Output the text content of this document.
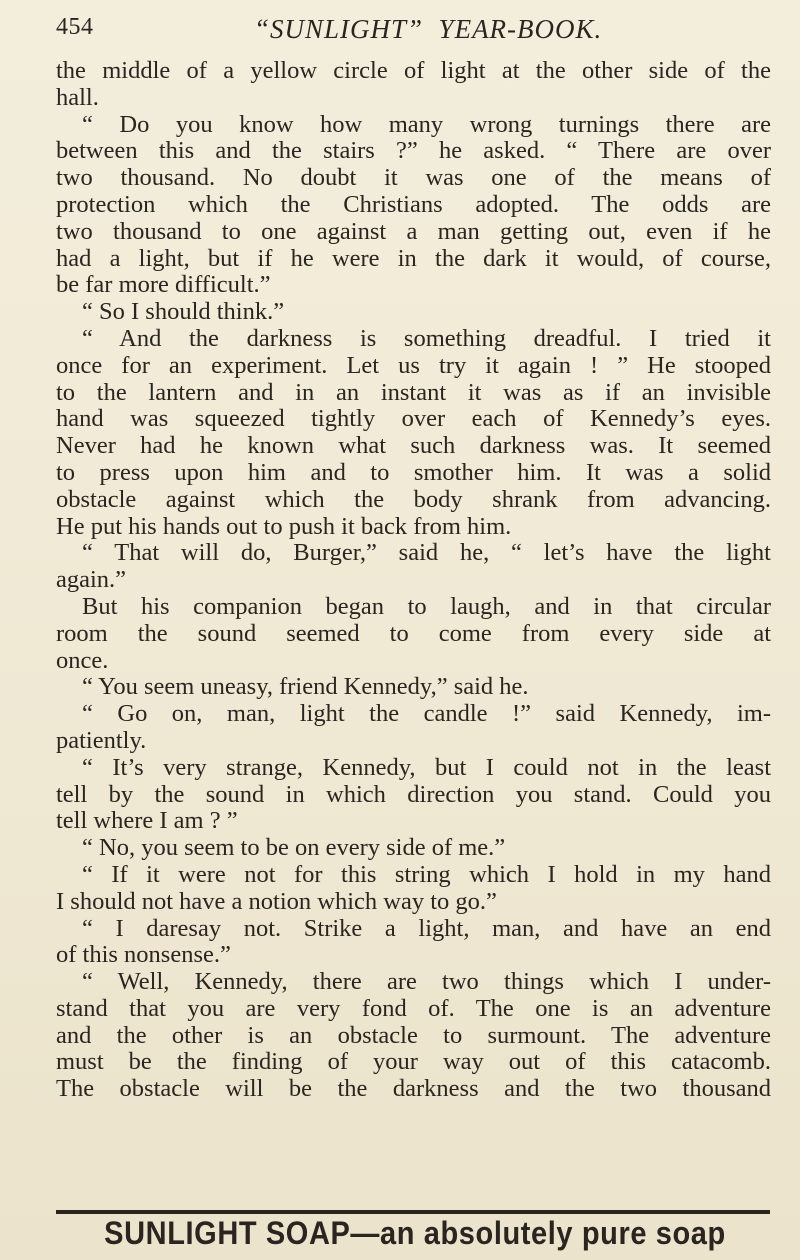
454	“SUNLIGHT”  YEAR-BOOK.
the middle of a yellow circle of light at the other side of the
hall.
“ Do you know how many wrong turnings there are
between this and the stairs ?” he asked. “ There are over
two thousand. No doubt it was one of the means of
protection which the Christians adopted. The odds are
two thousand to one against a man getting out, even if he
had a light, but if he were in the dark it would, of course,
be far more difficult.”
“ So I should think.”
“ And the darkness is something dreadful. I tried it
once for an experiment. Let us try it again ! ” He stooped
to the lantern and in an instant it was as if an invisible
hand was squeezed tightly over each of Kennedy’s eyes.
Never had he known what such darkness was. It seemed
to press upon him and to smother him. It was a solid
obstacle against which the body shrank from advancing.
He put his hands out to push it back from him.
“ That will do, Burger,” said he, “ let’s have the light
again.”
But his companion began to laugh, and in that circular
room the sound seemed to come from every side at
once.
“ You seem uneasy, friend Kennedy,” said he.
“ Go on, man, light the candle !” said Kennedy, im-
patiently.
“ It’s very strange, Kennedy, but I could not in the least
tell by the sound in which direction you stand. Could you
tell where I am ? ”
“ No, you seem to be on every side of me.”
“ If it were not for this string which I hold in my hand
I should not have a notion which way to go.”
“ I daresay not. Strike a light, man, and have an end
of this nonsense.”
“ Well, Kennedy, there are two things which I under-
stand that you are very fond of. The one is an adventure
and the other is an obstacle to surmount. The adventure
must be the finding of your way out of this catacomb.
The obstacle will be the darkness and the two thousand
SUNLIGHT SOAP—an absolutely pure soap
